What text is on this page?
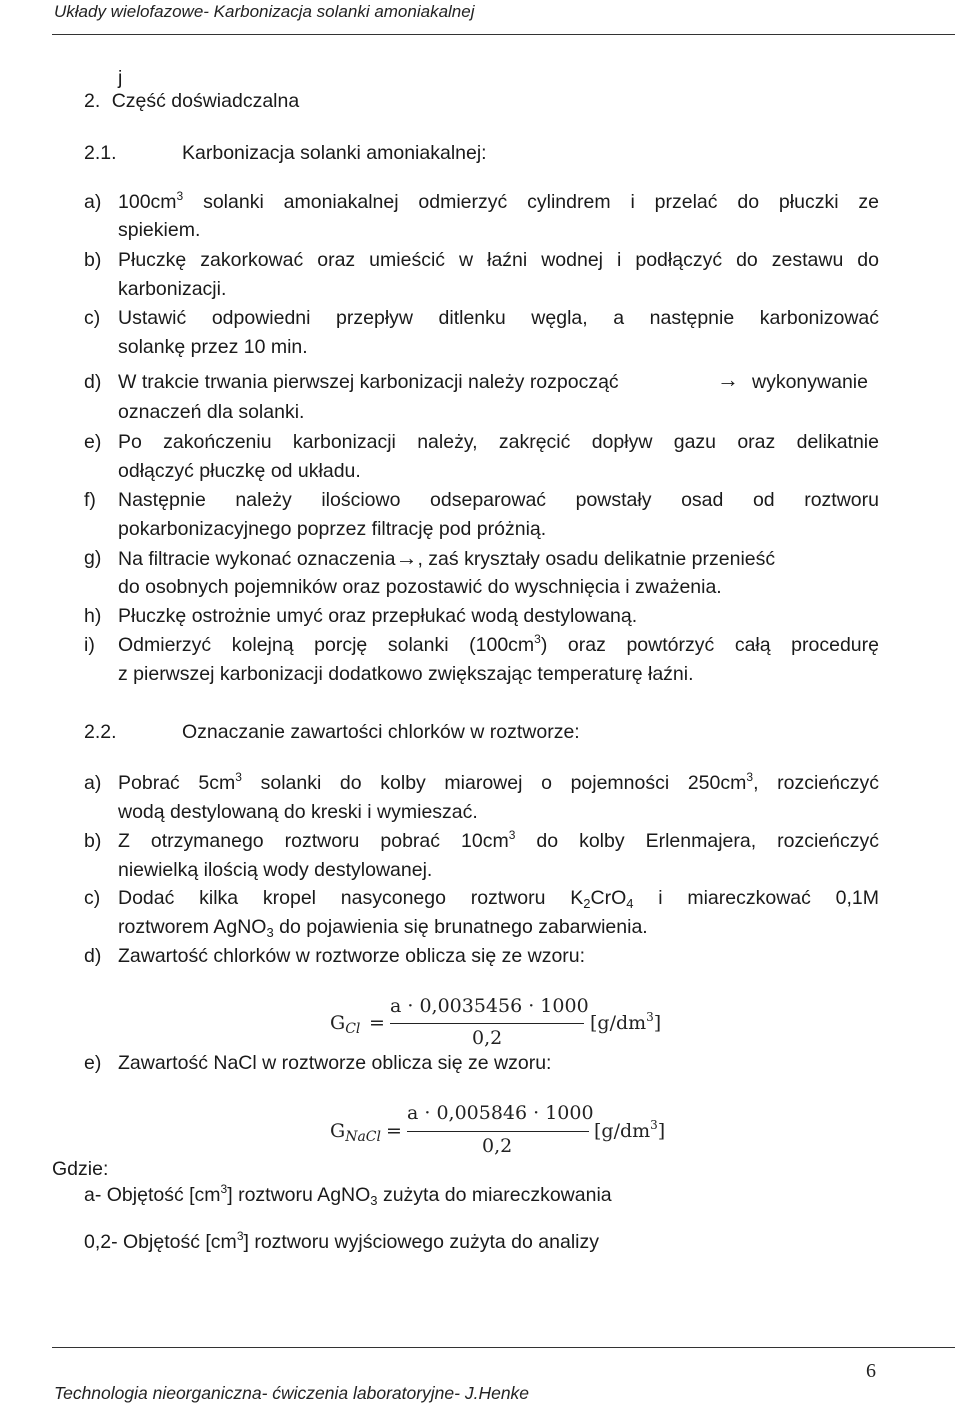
Układy wielofazowe- Karbonizacja solanki amoniakalnej
j
2. Część doświadczalna
2.1.	Karbonizacja solanki amoniakalnej:
a) $100cm^3$ solanki amoniakalnej odmierzyć cylindrem i przelać do płuczki ze
spiekiem.
b) Płuczkę zakorkować oraz umieścić w łaźni wodnej i podłączyć do zestawu do
karbonizacji.
c) Ustawić odpowiedni przepływ ditlenku węgla, a następnie karbonizować
solankę przez 10 min.
d) W trakcie trwania pierwszej karbonizacji należy rozpocząć	→ wykonywanie
oznaczeń dla solanki.
e) Po zakończeniu karbonizacji należy, zakręcić dopływ gazu oraz delikatnie
odłączyć płuczkę od układu.
f) Następnie należy ilościowo odseparować powstały osad od roztworu
pokarbonizacyjnego poprzez filtrację pod próżnią.
g) Na filtracie wykonać oznaczenia→, zaś kryształy osadu delikatnie przenieść
do osobnych pojemników oraz pozostawić do wyschnięcia i zważenia.
h) Płuczkę ostrożnie umyć oraz przepłukać wodą destylowaną.
i) Odmierzyć kolejną porcję solanki $(100cm^3)$ oraz powtórzyć całą procedurę
z pierwszej karbonizacji dodatkowo zwiększając temperaturę łaźni.
2.2.	Oznaczanie zawartości chlorków w roztworze:
a) Pobrać $5cm^3$ solanki do kolby miarowej o pojemności $250cm^3$, rozcieńczyć
wodą destylowaną do kreski i wymieszać.
b) Z otrzymanego roztworu pobrać $10cm^3$ do kolby Erlenmajera, rozcieńczyć
niewielką ilością wody destylowanej.
c) Dodać kilka kropel nasyconego roztworu $K_2CrO_4$ i miareczkować 0,1M
roztworem AgNO$_3$ do pojawienia się brunatnego zabarwienia.
d) Zawartość chlorków w roztworze oblicza się ze wzoru:
$G_{Cl}$ =
a · 0,0035456 · 1000
0,2
$[g/dm^3]$
e) Zawartość NaCl w roztworze oblicza się ze wzoru:
$G_{NaCl}$ =
a · 0,005846 · 1000
0,2
$[g/dm^3]$
Gdzie:
a- Objętość $[cm^3]$ roztworu AgNO$_3$ zużyta do miareczkowania
0,2- Objętość $[cm^3]$ roztworu wyjściowego zużyta do analizy
6
Technologia nieorganiczna- ćwiczenia laboratoryjne- J.Henke
